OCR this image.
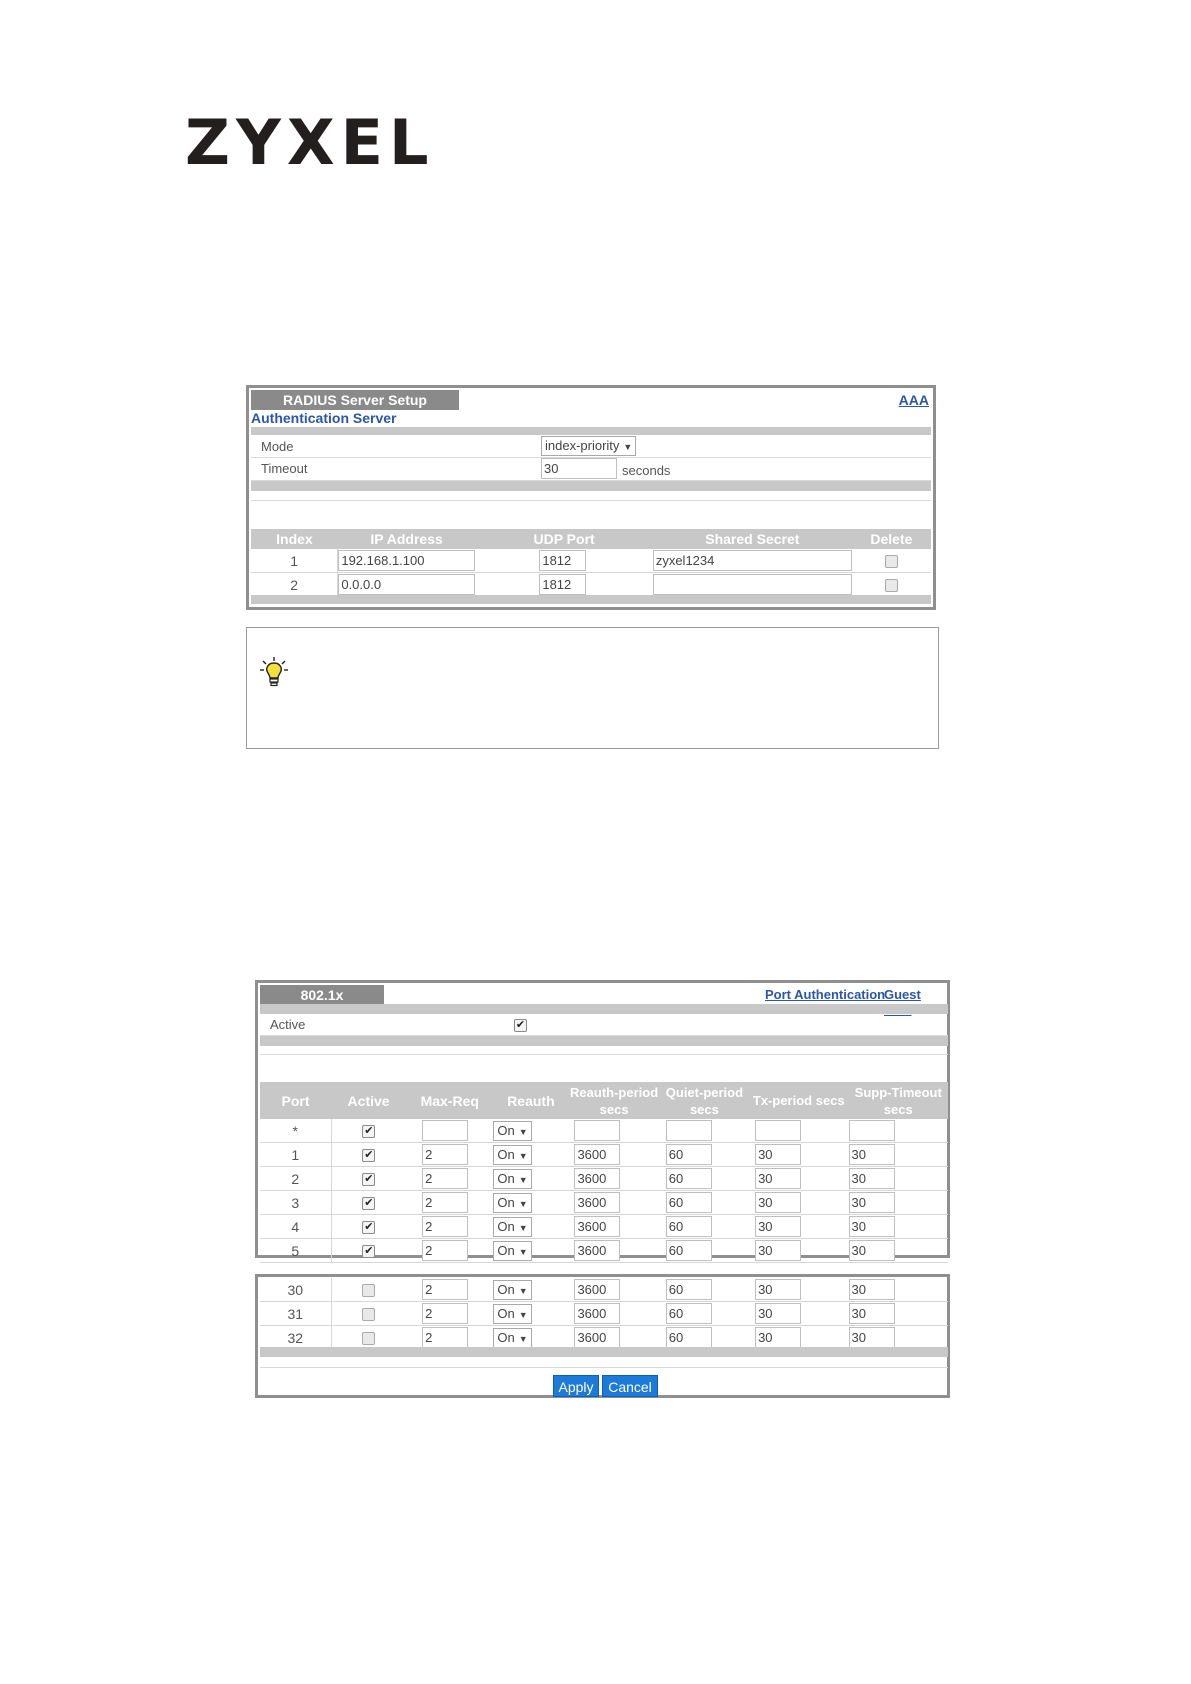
ZYXEL
RADIUS Server Setup	AAA
Authentication Server
Mode	index-priority ▼
Timeout	30	seconds
Index	IP Address	UDP Port	Shared Secret	Delete
1	192.168.1.100	1812	zyxel1234	
2	0.0.0.0	1812		
802.1x	Port Authentication
Guest
Active	✔
Port	Active	Max-Req	Reauth	Reauth-period secs	Quiet-period secs	Tx-period secs	Supp-Timeout secs
*	✔		On ▼				
1	✔	2	On ▼	3600	60	30	30
2	✔	2	On ▼	3600	60	30	30
3	✔	2	On ▼	3600	60	30	30
4	✔	2	On ▼	3600	60	30	30
5	✔	2	On ▼	3600	60	30	30
30		2	On ▼	3600	60	30	30
31		2	On ▼	3600	60	30	30
32		2	On ▼	3600	60	30	30
Apply	Cancel
